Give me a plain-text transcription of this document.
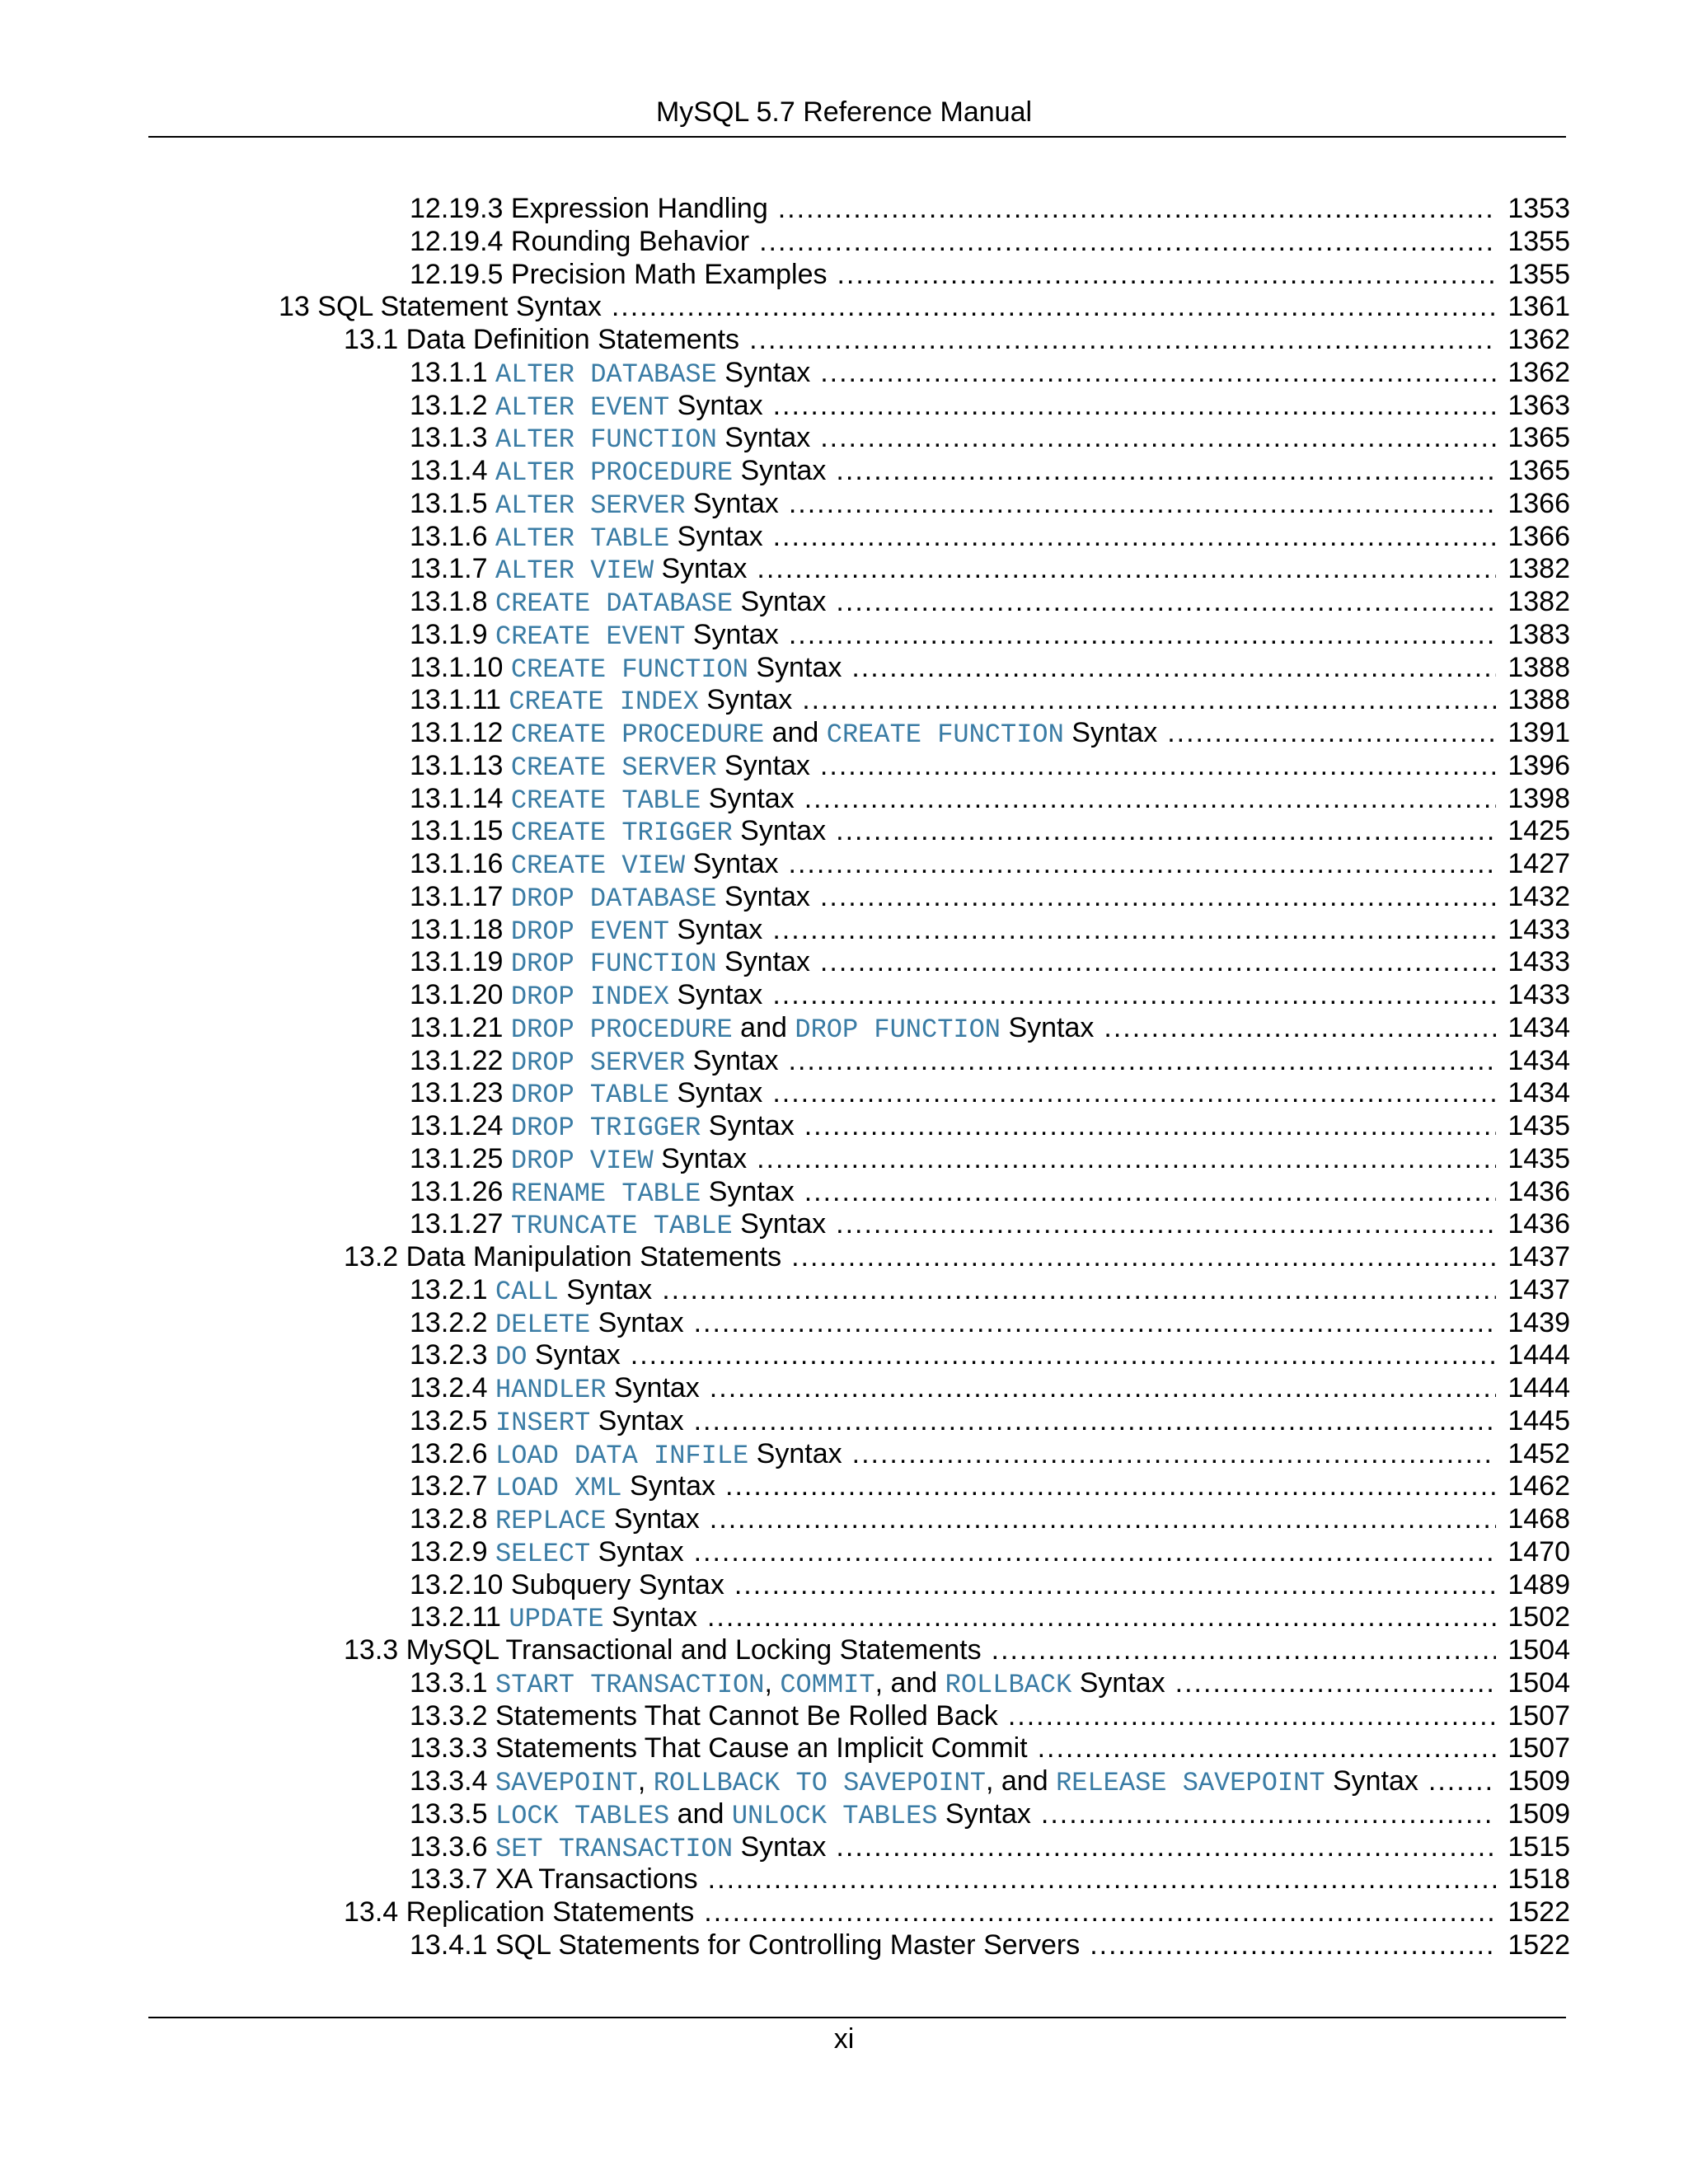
MySQL 5.7 Reference Manual
12.19.3 Expression Handling .....	1353
12.19.4 Rounding Behavior .....	1355
12.19.5 Precision Math Examples .....	1355
13 SQL Statement Syntax .....	1361
13.1 Data Definition Statements .....	1362
13.1.1 ALTER DATABASE Syntax .....	1362
13.1.2 ALTER EVENT Syntax .....	1363
13.1.3 ALTER FUNCTION Syntax .....	1365
13.1.4 ALTER PROCEDURE Syntax .....	1365
13.1.5 ALTER SERVER Syntax .....	1366
13.1.6 ALTER TABLE Syntax .....	1366
13.1.7 ALTER VIEW Syntax .....	1382
13.1.8 CREATE DATABASE Syntax .....	1382
13.1.9 CREATE EVENT Syntax .....	1383
13.1.10 CREATE FUNCTION Syntax .....	1388
13.1.11 CREATE INDEX Syntax .....	1388
13.1.12 CREATE PROCEDURE and CREATE FUNCTION Syntax .....	1391
13.1.13 CREATE SERVER Syntax .....	1396
13.1.14 CREATE TABLE Syntax .....	1398
13.1.15 CREATE TRIGGER Syntax .....	1425
13.1.16 CREATE VIEW Syntax .....	1427
13.1.17 DROP DATABASE Syntax .....	1432
13.1.18 DROP EVENT Syntax .....	1433
13.1.19 DROP FUNCTION Syntax .....	1433
13.1.20 DROP INDEX Syntax .....	1433
13.1.21 DROP PROCEDURE and DROP FUNCTION Syntax .....	1434
13.1.22 DROP SERVER Syntax .....	1434
13.1.23 DROP TABLE Syntax .....	1434
13.1.24 DROP TRIGGER Syntax .....	1435
13.1.25 DROP VIEW Syntax .....	1435
13.1.26 RENAME TABLE Syntax .....	1436
13.1.27 TRUNCATE TABLE Syntax .....	1436
13.2 Data Manipulation Statements .....	1437
13.2.1 CALL Syntax .....	1437
13.2.2 DELETE Syntax .....	1439
13.2.3 DO Syntax .....	1444
13.2.4 HANDLER Syntax .....	1444
13.2.5 INSERT Syntax .....	1445
13.2.6 LOAD DATA INFILE Syntax .....	1452
13.2.7 LOAD XML Syntax .....	1462
13.2.8 REPLACE Syntax .....	1468
13.2.9 SELECT Syntax .....	1470
13.2.10 Subquery Syntax .....	1489
13.2.11 UPDATE Syntax .....	1502
13.3 MySQL Transactional and Locking Statements .....	1504
13.3.1 START TRANSACTION, COMMIT, and ROLLBACK Syntax .....	1504
13.3.2 Statements That Cannot Be Rolled Back .....	1507
13.3.3 Statements That Cause an Implicit Commit .....	1507
13.3.4 SAVEPOINT, ROLLBACK TO SAVEPOINT, and RELEASE SAVEPOINT Syntax .....	1509
13.3.5 LOCK TABLES and UNLOCK TABLES Syntax .....	1509
13.3.6 SET TRANSACTION Syntax .....	1515
13.3.7 XA Transactions .....	1518
13.4 Replication Statements .....	1522
13.4.1 SQL Statements for Controlling Master Servers .....	1522
xi
